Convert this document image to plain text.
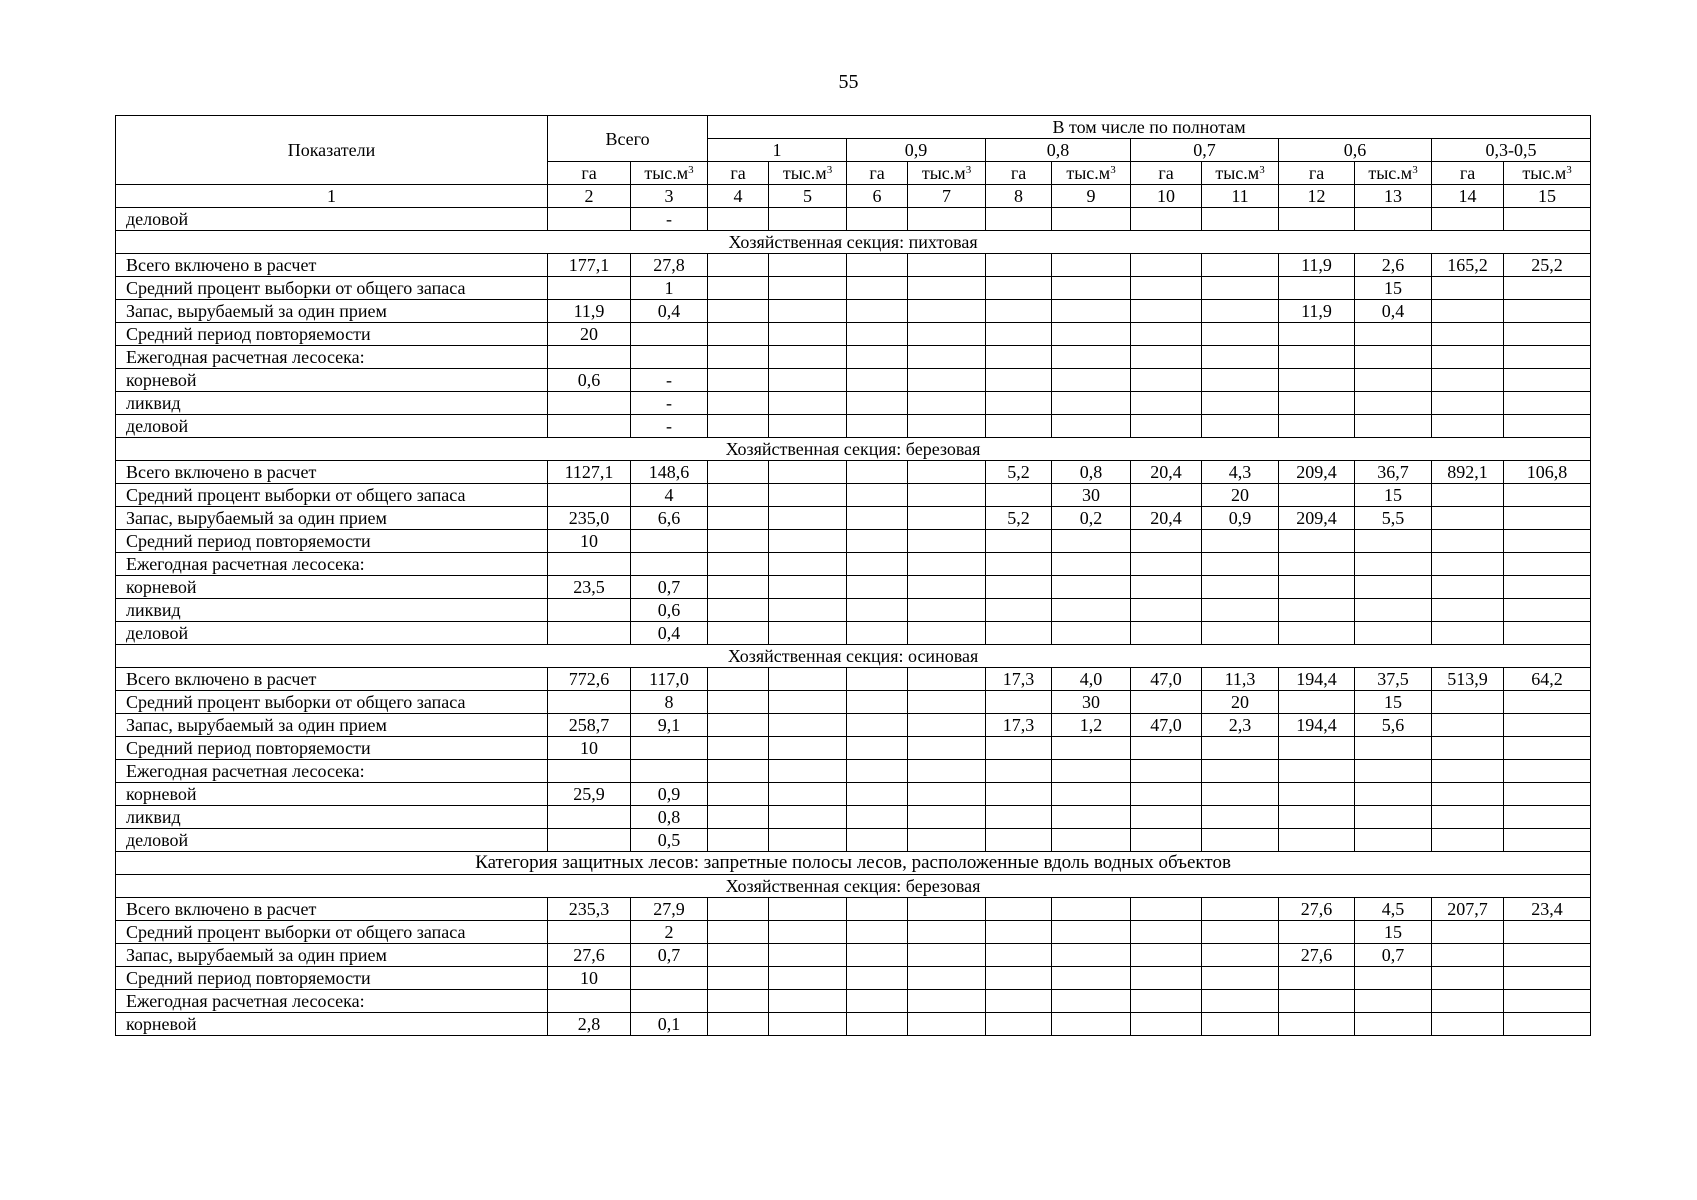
55
Показатели	Всего		В том числе по полнотам											
			1		0,9		0,8		0,7		0,6		0,3-0,5	
	га	$тыс.м^3$	га	$тыс.м^3$	га	$тыс.м^3$	га	$тыс.м^3$	га	$тыс.м^3$	га	$тыс.м^3$	га	$тыс.м^3$
1	2	3	4	5	6	7	8	9	10	11	12	13	14	15
деловой		-												
Хозяйственная секция: пихтовая														
Всего включено в расчет	177,1	27,8									11,9	2,6	165,2	25,2
Средний процент выборки от общего запаса		1										15		
Запас, вырубаемый за один прием	11,9	0,4									11,9	0,4		
Средний период повторяемости	20													
Ежегодная расчетная лесосека:														
корневой	0,6	-												
ликвид		-												
деловой		-												
Хозяйственная секция: березовая														
Всего включено в расчет	1127,1	148,6					5,2	0,8	20,4	4,3	209,4	36,7	892,1	106,8
Средний процент выборки от общего запаса		4						30		20		15		
Запас, вырубаемый за один прием	235,0	6,6					5,2	0,2	20,4	0,9	209,4	5,5		
Средний период повторяемости	10													
Ежегодная расчетная лесосека:														
корневой	23,5	0,7												
ликвид		0,6												
деловой		0,4												
Хозяйственная секция: осиновая														
Всего включено в расчет	772,6	117,0					17,3	4,0	47,0	11,3	194,4	37,5	513,9	64,2
Средний процент выборки от общего запаса		8						30		20		15		
Запас, вырубаемый за один прием	258,7	9,1					17,3	1,2	47,0	2,3	194,4	5,6		
Средний период повторяемости	10													
Ежегодная расчетная лесосека:														
корневой	25,9	0,9												
ликвид		0,8												
деловой		0,5												
Категория защитных лесов: запретные полосы лесов, расположенные вдоль водных объектов														
Хозяйственная секция: березовая														
Всего включено в расчет	235,3	27,9									27,6	4,5	207,7	23,4
Средний процент выборки от общего запаса		2										15		
Запас, вырубаемый за один прием	27,6	0,7									27,6	0,7		
Средний период повторяемости	10													
Ежегодная расчетная лесосека:														
корневой	2,8	0,1												
